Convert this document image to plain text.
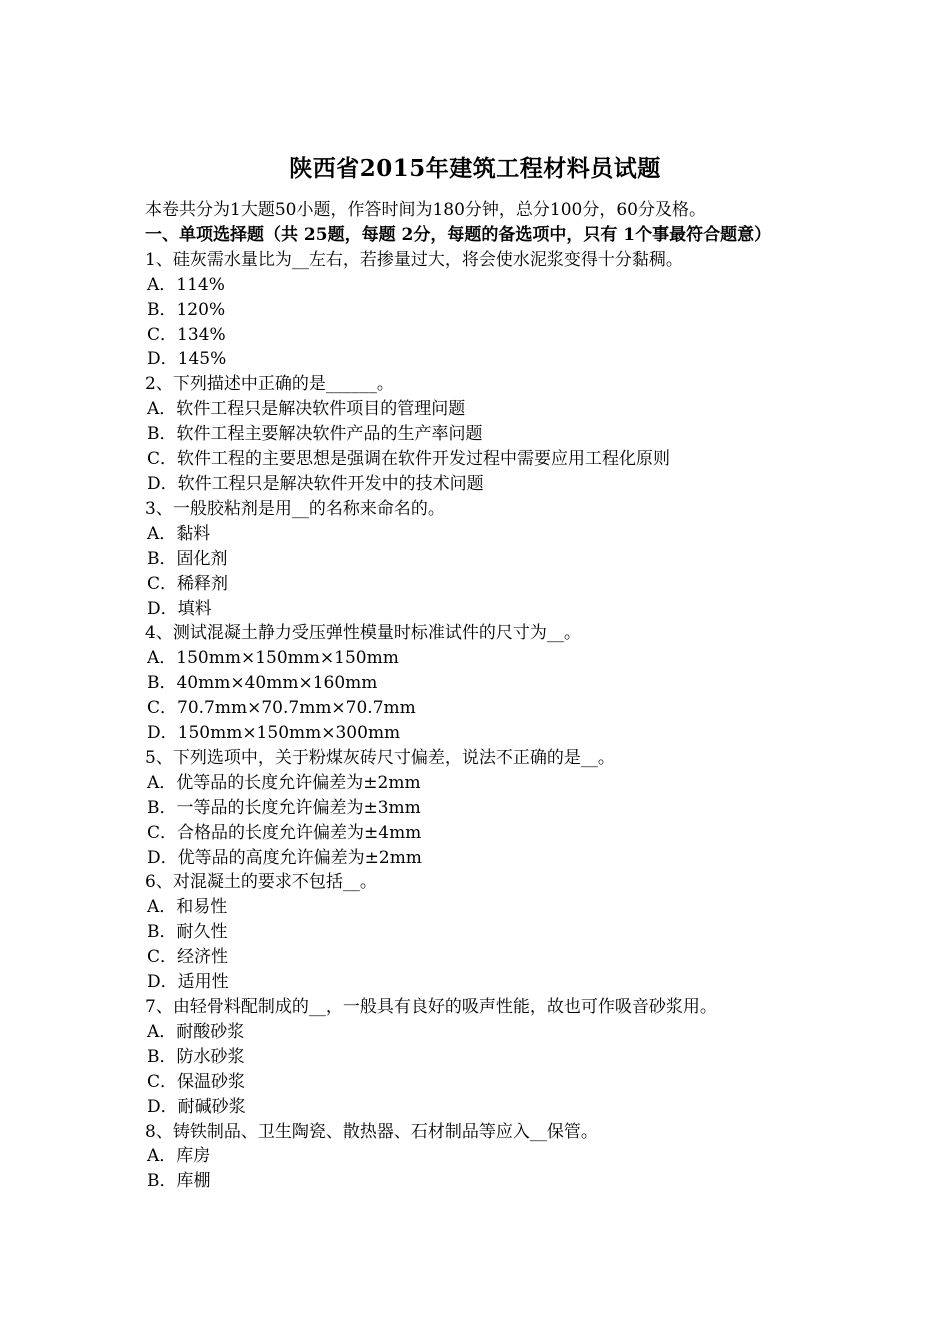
陕西省2015年建筑工程材料员试题
本卷共分为1大题50小题，作答时间为180分钟，总分100分，60分及格。
一、单项选择题（共 25题，每题 2分，每题的备选项中，只有 1个事最符合题意）
1、硅灰需水量比为__左右，若掺量过大，将会使水泥浆变得十分黏稠。
A．114%
B．120%
C．134%
D．145%
2、下列描述中正确的是______。
A．软件工程只是解决软件项目的管理问题
B．软件工程主要解决软件产品的生产率问题
C．软件工程的主要思想是强调在软件开发过程中需要应用工程化原则
D．软件工程只是解决软件开发中的技术问题
3、一般胶粘剂是用__的名称来命名的。
A．黏料
B．固化剂
C．稀释剂
D．填料
4、测试混凝土静力受压弹性模量时标准试件的尺寸为__。
A．150mm×150mm×150mm
B．40mm×40mm×160mm
C．70.7mm×70.7mm×70.7mm
D．150mm×150mm×300mm
5、下列选项中，关于粉煤灰砖尺寸偏差，说法不正确的是__。
A．优等品的长度允许偏差为±2mm
B．一等品的长度允许偏差为±3mm
C．合格品的长度允许偏差为±4mm
D．优等品的高度允许偏差为±2mm
6、对混凝土的要求不包括__。
A．和易性
B．耐久性
C．经济性
D．适用性
7、由轻骨料配制成的__，一般具有良好的吸声性能，故也可作吸音砂浆用。
A．耐酸砂浆
B．防水砂浆
C．保温砂浆
D．耐碱砂浆
8、铸铁制品、卫生陶瓷、散热器、石材制品等应入__保管。
A．库房
B．库棚
